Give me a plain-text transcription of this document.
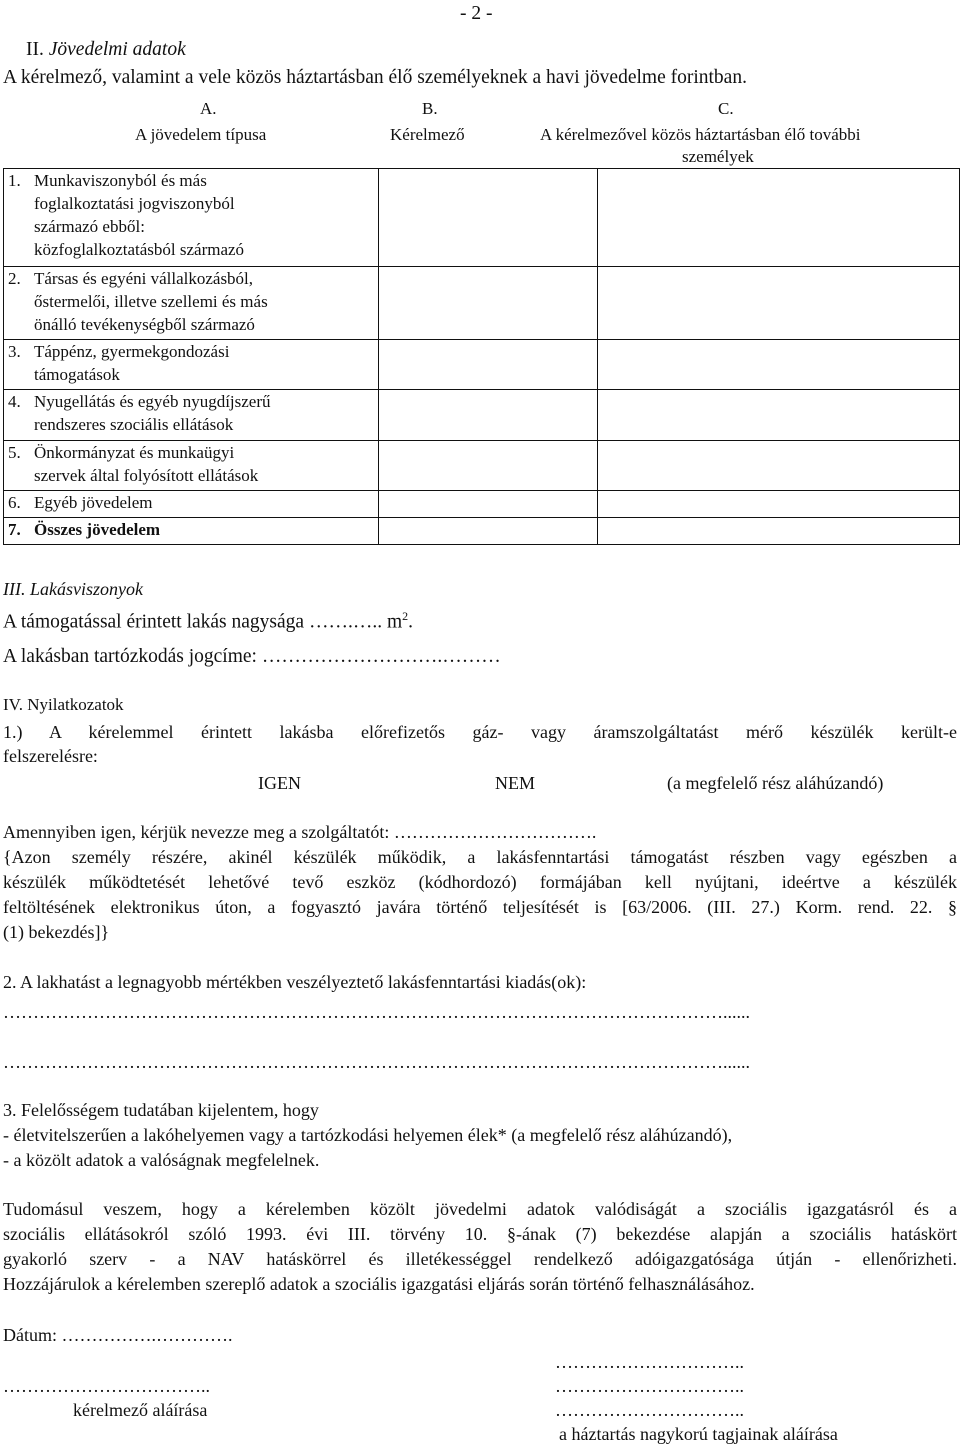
- 2 -
II. Jövedelmi adatok
A kérelmező, valamint a vele közös háztartásban élő személyeknek a havi jövedelme forintban.
A.	B.	C.
A jövedelem típusa	Kérelmező	A kérelmezővel közös háztartásban élő további
személyek
1. Munkaviszonyból és más
foglalkoztatási jogviszonyból
származó ebből:
közfoglalkoztatásból származó		

2. Társas és egyéni vállalkozásból,
őstermelői, illetve szellemi és más
önálló tevékenységből származó		

3. Táppénz, gyermekgondozási
támogatások		

4. Nyugellátás és egyéb nyugdíjszerű
rendszeres szociális ellátások		

5. Önkormányzat és munkaügyi
szervek által folyósított ellátások		

6. Egyéb jövedelem		

7. Összes jövedelem		

III. Lakásviszonyok
A támogatással érintett lakás nagysága …….….. $m^2$.
A lakásban tartózkodás jogcíme: ……………………….………
IV. Nyilatkozatok
1.) A kérelemmel érintett lakásba előrefizetős gáz- vagy áramszolgáltatást mérő készülék került-e
felszerelésre:
IGEN	NEM	(a megfelelő rész aláhúzandó)
Amennyiben igen, kérjük nevezze meg a szolgáltatót: …………………………….
{Azon személy részére, akinél készülék működik, a lakásfenntartási támogatást részben vagy egészben a
készülék működtetését lehetővé tevő eszköz (kódhordozó) formájában kell nyújtani, ideértve a készülék
feltöltésének elektronikus úton, a fogyasztó javára történő teljesítését is [63/2006. (III. 27.) Korm. rend. 22. §
(1) bekezdés]}
2. A lakhatást a legnagyobb mértékben veszélyeztető lakásfenntartási kiadás(ok):
…………………………………………………………………………………………………………......
…………………………………………………………………………………………………………......
3. Felelősségem tudatában kijelentem, hogy
- életvitelszerűen a lakóhelyemen vagy a tartózkodási helyemen élek* (a megfelelő rész aláhúzandó),
- a közölt adatok a valóságnak megfelelnek.
Tudomásul veszem, hogy a kérelemben közölt jövedelmi adatok valódiságát a szociális igazgatásról és a
szociális ellátásokról szóló 1993. évi III. törvény 10. §-ának (7) bekezdése alapján a szociális hatáskört
gyakorló szerv - a NAV hatáskörrel és illetékességgel rendelkező adóigazgatósága útján - ellenőrizheti.
Hozzájárulok a kérelemben szereplő adatok a szociális igazgatási eljárás során történő felhasználásához.
Dátum: …………….………….
……………………………..
kérelmező aláírása
…………………………..
…………………………..
…………………………..
a háztartás nagykorú tagjainak aláírása
